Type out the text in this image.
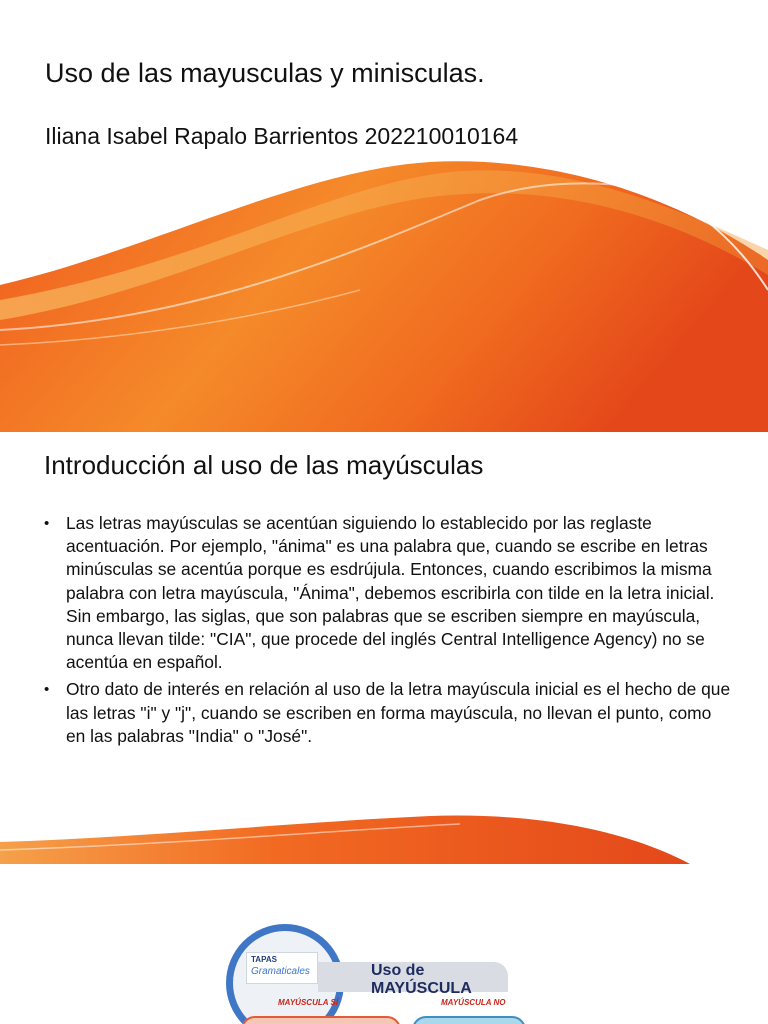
Uso de las mayusculas y minisculas.
Iliana Isabel Rapalo Barrientos 202210010164
Introducción al uso de las mayúsculas
• Las letras mayúsculas se acentúan siguiendo lo establecido por las reglaste acentuación. Por ejemplo, "ánima" es una palabra que, cuando se escribe en letras minúsculas se acentúa porque es esdrújula. Entonces, cuando escribimos la misma palabra con letra mayúscula, "Ánima", debemos escribirla con tilde en la letra inicial. Sin embargo, las siglas, que son palabras que se escriben siempre en mayúscula, nunca llevan tilde: "CIA", que procede del inglés Central Intelligence Agency) no se acentúa en español.
• Otro dato de interés en relación al uso de la letra mayúscula inicial es el hecho de que las letras "i" y "j", cuando se escriben en forma mayúscula, no llevan el punto, como en las palabras "India" o "José".
TAPAS
Gramaticales	Uso de MAYÚSCULA
MAYÚSCULA SÍ	MAYÚSCULA NO
